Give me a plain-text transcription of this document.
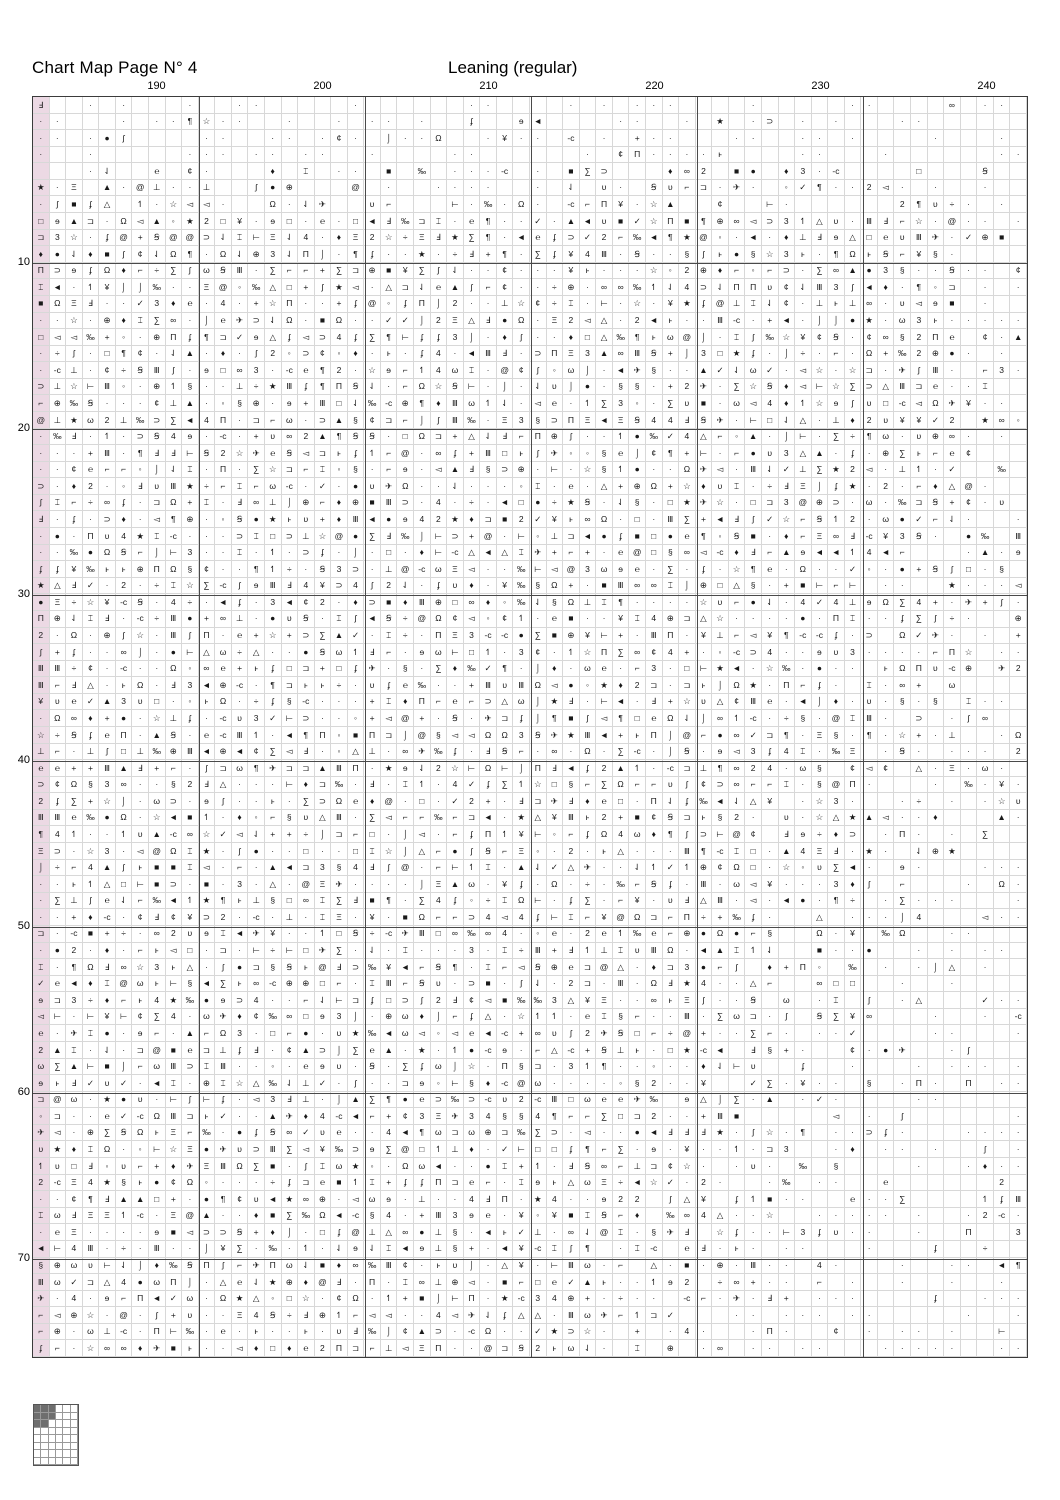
Chart Map Page N° 4	Leaning (regular)
190	200	210	220	230	240
10
20
30
40
50
60
70
Ⅎ	·	·	·	·	·	·	·	·	·	·	·	·	·	·	·	·	∞	·	·
·	·	·	·	·	¶	☆	·	·	·	·	·	·	·	ʄ	ɘ	◄	·	·	·	★	·	⊃	·	·	·	·
·	·	·	●	ʃ	·	·	·	·	·	¢	·	⌡	·	·	Ω	·	¥	·	·	-c	·	+	·	·	·	·	·	·	·	·	·
·	·	·	·	·	·	·	·	·	·	·	·	·	¢	Π	·	·	·	·	ⱶ	·	·	·	·	·
·	⇃	℮	¢	·	♦	⌶	·	·	■	‰	·	·	·	-c	·	■	∑	⊃	♦	∞	2	■	●	♦	3	·	-c	□	Ꞩ
★	·	Ξ	▲	·	@	⊥	·	·	⊥	ʃ	●	⊕	@	·	·	·	·	·	·	⇃	υ	·	Ꞩ	υ	⌐	⊐	·	✈	·	◦	✓	¶	·	·	2	◅	·	·	·
·	ʃ	■	ʄ	△	↿	·	☆	◅	◅	·	Ω	·	⇃	✈	υ	⌐	⊢	·	‰	·	Ω	·	-c	⌐	Π	¥	·	☆	▲	¢	⊢	·	2	¶	υ	÷	·	·
□	ɘ	▲	⊐	·	Ω	◅	▲	◦	★	2	□	¥	·	ɘ	□	·	℮	·	□	◄	Ⅎ	‰	⊐	⌶	·	℮	¶	·	·	✓	·	▲ ◄	υ	■	✓	☆	Π	■	¶	⊕	∞	◅	⊃	3	↿	△	υ	·	Ⅲ	Ⅎ	⌐	☆	·	@	·	·	·
⊐	3	☆	·	ʄ	@	+	Ꞩ	@ @	⊃	⇃	⌶	⊢	Ξ	⇃	4	·	♦	Ξ	2	☆	÷	Ξ	Ⅎ	★	∑	¶	·	◄	℮	ʄ	⊃	✓	2	⌐	‰ ◄	¶	★ @	◦	·	◄	·	♦	⊥	Ⅎ	ɘ	△	□	℮	υ	Ⅲ	✈	·	✓	⊕	■
♦	●	⇃	♦	■	ʃ	¢	⇃	Ω	¶	·	Ω	⇃	⊕	3	⇃	Π	⌡	·	¶	ʄ	·	·	★	·	÷	Ⅎ	+	¶	·	∑	ʄ	¥	4	Ⅲ	·	Ꞩ	·	·	§	ʃ	ⱶ	●	§	☆	3	ⱶ	·	¶	Ω	ⱶ	Ꞩ	⌐	¥	§	·
Π	⊃	ɘ	ʄ	Ω	♦	⌐	÷	∑	ʃ	ω	Ꞩ	Ⅲ	·	∑	⌐	⌐	+	∑	⊐	⊕	■	¥	∑	ʃ	⇃	·	·	¢	·	·	·	¥	ⱶ	·	·	·	☆	◦	2	⊕	♦	⌐	◦	⌐	⊃	·	∑	∞	▲	●	3	§	·	·	Ꞩ	·	·	¢
⌶	◄	·	↿	¥	⌡	⌡	‰	·	·	Ξ	@	◦	‰	△	□	+	ʃ	★	◅	·	△	⊐	⇃	℮	▲	ʃ	⌐	¢	·	·	÷	⊕	·	∞	∞	‰	↿	⇃	4	⊃	⇃	Π	Π	υ	¢	⇃	Ⅲ	3	ʃ	◄	♦	·	¶	◦	⊐	·	·
■	Ω	Ξ	Ⅎ	·	·	✓	3	♦	℮	·	4	·	+	☆	Π	·	·	+	ʄ	@	◦	ʄ	Π	⌡	2	·	·	⊥	☆	¢	÷	⌶	·	⊢	·	☆	·	¥	★	ʄ	@	⊥	⌶	⇃	¢	·	⊥	ⱶ	⊥	∞	·	υ	◅	ɘ	■	·
·	·	☆	·	⊕	♦	⌶	∑	∞	·	⌡	℮	✈	⊃	⇃	Ω	·	■	Ω	·	·	✓	✓	⌡	2	Ξ	△	Ⅎ	●	Ω	·	Ξ	2	◅	△	·	2	◄	ⱶ	·	·	Ⅲ	-c	·	+	◄	·	⌡	⌡	●	★	·	ω	3	ⱶ	·	·	·	·	·
□	◅	◅	‰	+	◦	·	⊕	Π	ʄ	¶	⊐	✓	ɘ	△	ʄ	◅	⊃	4	ʄ	∑	¶	⊢	ʄ	ʄ	3	⌡	·	♦	ʃ	·	·	♦	□	△	‰	¶	ⱶ	ω	@	⌡	·	⌶	ʃ	‰	☆	¥	¢	Ꞩ	·	¢	∞	§	2	Π	℮	¢	·	▲
·	÷	ʃ	·	□	¶	¢	·	⇃	▲	·	♦	·	ʃ	2	◦	⊃	¢	◦	♦	·	ⱶ	·	ʄ	4	·	◄	Ⅲ	Ⅎ	·	⊃	Π	Ξ	3	▲	∞	Ⅲ	Ꞩ	+	⌡	3	□	★	ʄ	·	⌡	÷	·	⌐	·	Ω	+	‰	2	⊕	●	·	·
·	-c	⊥	·	¢	÷	Ꞩ	Ⅲ	ʃ	·	ɘ	□	∞	3	·	-c	℮	¶	2	·	☆	ɘ	⌐	↿	4	ω	⌶	·	@	¢	ʃ	◦	ω	⌡	·	◄	✈	§	·	·	▲	✓	⇃	ω	✓	·	◅	☆	·	☆	⊐	·	✈	ʃ	Ⅲ	·	⌐	3	·
⊃	⊥	☆	⊢	Ⅲ	◦	·	⊕	↿	§	·	·	⊥	÷	★	Ⅲ	ʄ	¶	Π	Ꞩ	⇃	·	⌐	Ω	☆	Ꞩ	⊢	·	⌡	·	⇃	υ	⌡	●	·	§	§	·	+	2	✈	·	∑	☆	Ꞩ	♦	◅	⊢	☆	∑	⊃	△	Ⅲ	⊐	℮	·	·	⌶
⌐	⊕	‰	Ꞩ	·	·	·	¢	⊥	▲	·	◦	§	⊕	·	ɘ	+	Ⅲ	□	⇃	‰	-c	⊕	¶	♦	Ⅲ	ω	↿	⇃	·	◅	℮	·	↿	∑	3	◦	·	∑	υ	■	·	ω	◅	4	♦	↿	☆	ɘ	ʃ	υ	□	-c	◅	Ω	✈	¥	·	·
@	⊥	★	ω	2	⊥	‰	⊃	∑	◄	4	Π	·	⊐	⌐	ω	·	⊃	▲	§	¢	⊐	⌐	⌡	ʃ	Ⅲ	‰	·	Ξ	3	§	⊃	Π	Ξ	◄	Ξ	Ꞩ	4	4	Ⅎ	Ꞩ	✈	·	⊢	□	⇃	△	·	⊥	♦	2	υ	¥	¥	✓	2	★	∞	◦
·	‰	Ⅎ	·	↿	·	⊃	Ꞩ	4	ɘ	·	-c	·	+	υ	∞	2	▲	¶	Ꞩ	Ꞩ	·	□	Ω	⊐	+	△	⇃	Ⅎ	⌐	Π	⊕	ʃ	·	·	↿	●	‰	✓	4	△	⌐	◦	▲	·	⌡	⊢	·	∑	÷	¶	ω	·	υ	⊕	∞	·	·
·	·	·	+	Ⅲ	·	¶	Ⅎ	Ⅎ	⊢	Ꞩ	2	☆	✈	℮	Ꞩ	◅	⊐	ⱶ	ʄ	↿	⌐	@	·	∞	ʄ	+	Ⅲ	□	ⱶ	ʃ	✈	◦	◦	§	℮	⌡	¢	¶	+	⊢	·	⌐	●	υ	3	△	▲	·	ʄ	·	⊕	∑	ⱶ	⌐	℮	¢
·	·	¢	℮	⌐	⌐	◦	⌡	⇃	⌶	·	Π	·	∑	☆	⊐	⌐	⌶	◦	§	·	⌐	ɘ	·	◅	▲	Ⅎ	§	⊃	⊕	·	⊢	·	☆	§	↿	●	·	·	Ω	✈	◅	·	Ⅲ	⇃	✓	⊥	∑	★	2	◅	·	⊥	↿	·	✓	‰
⊃	·	♦	2	·	◦	Ⅎ	υ	Ⅲ	★	÷	⌐	⌶	⌐	ω	-c	·	✓	·	●	υ	✈	Ω	·	·	⇃	·	·	·	◦	⌶	·	℮	·	△	+	⊕	Ω	+	☆	♦	υ	⌶	·	÷	Ⅎ	Ξ	⌡	ʄ	★	·	2	·	⌐	♦	△	@	·
ʃ	⌶	⌐	÷	∞	ʄ	·	⊐	Ω	+	⌶	·	Ⅎ	∞	⊥	⌡	⊕	⌐	♦	⊕	■	Ⅲ	⊃	·	4	·	÷	·	◄	□	●	÷	★	Ꞩ	·	⇃	§	·	□	★	✈	☆	·	□	⊐	3	@	⊕	⊃	·	ω	·	‰	⊐	Ꞩ	+	¢	·	υ
Ⅎ	·	ʄ	·	⊃	♦	·	◅	¶	⊕	·	◦	Ꞩ	●	★	ⱶ	υ	+	♦	Ⅲ	◄	●	ɘ	4	2	★	♦	⊐	■	2	✓	¥	ⱶ	∞	Ω	·	□	·	Ⅲ	∑	+	◄	Ⅎ	ʃ	✓	☆	⌐	Ꞩ	↿	2	·	ω	●	✓	⌐	⇃	·	·
·	●	·	Π	υ	4	★	⌶	-c	·	·	·	⊃	⌶	□	⊃	⊥	☆ @	●	∑	Ⅎ	‰	⌡	⊢	⊃	+	@	·	⊢	◦	⊥	⊐	◄	●	ʄ	■	□	●	℮	¶	◦	Ꞩ	■	·	♦	⌐	Ξ	∞	Ⅎ	-c	¥	3	Ꞩ	·	●	‰	Ⅲ
·	·	‰	●	Ω	Ꞩ	⌐	⌡	⊢	3	·	·	⌶	·	↿	·	⊃	ʄ	·	⌡	·	□	·	♦	⊢	-c	△	◄	△	⌶	✈	+	⌐	+	·	℮	@	□	§	∞	◅	-c	♦	Ⅎ	⌐	▲	ɘ	◄ ◄	↿	4	◄	⌐	·	▲	·	ɘ
ʄ	ʄ	¥	‰	ⱶ	ⱶ	⊕	Π	Ω	§	¢	·	·	¶	↿	÷	·	Ꞩ	3	⊃	·	⊥	@	-c	ω	Ξ	◅	·	·	‰	⊢	◅	@	3	ω	ɘ	℮	·	∑	·	ʄ	·	☆	¶	℮	·	Ω	·	·	✓	◦	·	●	+	Ꞩ	ʃ	□	·	§
★	△	Ⅎ	✓	·	2	·	÷	⌶	☆	∑	-c	ʃ	ɘ	Ⅲ	Ⅎ	4	¥	⊃	4	ʃ	2	⇃	·	ʄ	υ	♦	·	¥	‰	§	Ω	+	·	■	Ⅲ	∞	∞	⌶	⌡	⊕	□	△	§	·	+	■	⊢	⌐	⊢	·	·	★	·	·	·	◅
●	Ξ	÷	☆	¥	-c	Ꞩ	·	4	÷	·	◄	ʄ	·	3	◄	¢	2	·	♦	⊃	■	♦	Ⅲ	⊕	□	∞	♦	◦	‰	⇃	§	Ω	⊥	⌶	¶	·	·	·	·	☆	υ	⌐	●	⇃	·	4	✓	4	⊥	ɘ	Ω	∑	4	+	·	✈	+	ʃ	·
Π	⊕	⇃	⌶	Ⅎ	·	-c	÷	Ⅲ	●	+	∞	⊥	·	●	υ	Ꞩ	·	⌶	ʃ	◄	Ꞩ	÷	@	Ω	¢	◅	◦	¢	↿	·	℮	■	·	·	¥	⌶	4	⊕	⊐	△	☆	·	·	·	·	●	·	Π	⌶	·	·	ʄ	∑	ʃ	÷	·	⊕
2	·	Ω	·	⊕	ʃ	☆	·	Ⅲ	ʃ	Π	·	℮	+	☆	+	⊃	∑	▲	✓	·	⌶	÷	·	Π	Ξ	3	-c	-c	●	∑	■	⊕	¥	⊢	+	·	Ⅲ	Π	·	¥	⊥	⌐	◅	¥	¶	-c	-c	ʄ	·	⊃	Ω	✓	✈	·	·	+
ʃ	+	ʄ	·	·	∞	⌡	·	●	⊢	△	ω	÷	△	·	·	●	Ꞩ	ω	↿	Ⅎ	⌐	·	ɘ	ω	⊢	□	↿	·	3	¢	·	↿	☆	Π	∑	∞	¢	4	+	·	◦	-c	⊃	4	·	·	ɘ	υ	3	·	·	·	·	⌐	Π	☆	·	·
Ⅲ	Ⅲ	÷	¢	·	-c	·	·	Ω	◦	∞	℮	+	ⱶ	ʄ	□	⊐	+	□	ʄ	✈	·	§	·	∑	♦	‰	✓	¶	·	⌡	♦	·	ω	℮	·	⌐	3	·	□	⊢	★	◄	·	☆	‰	·	●	·	·	ⱶ	Ω	Π	υ	-c	⊕	✈	2
Ⅲ	⌐	Ⅎ	△	·	ⱶ	Ω	·	Ⅎ	3	◄	⊕	-c	·	¶	⊐	ⱶ	ⱶ	÷	·	υ	ʄ	℮	‰	·	·	+	Ⅲ	υ	Ⅲ	Ω	◅	●	◦	★	♦	2	⊐	·	⊐	ⱶ	⌡	Ω	★	·	Π	⌐	ʄ	·	⌶	·	∞	+	ω
¥	υ	℮	✓	▲	3	υ	□	·	◦	ⱶ	Ω	·	÷	ʄ	§	-c	·	·	·	+	⌶	♦	Π	⌐	℮	⌐	⊃	△	ω	⌡	★	Ⅎ	·	⊢	◄	·	Ⅎ	+	☆	υ	△	¢	Ⅲ	℮	·	◄	⌡	♦	·	υ	·	§	·	§	⌶	·	·
·	Ω	∞	♦	+	●	·	☆	⊥	ʄ	·	-c	υ	3	✓	⊢	⊃	·	·	◦	+	◅	@	+	·	Ꞩ	·	✈	⊐	ʄ	⌡	¶	■	ʃ	◅	¶	□	℮	Ω	⇃	⌡	∞	↿	-c	·	÷	§	·	@	⌶	Ⅲ	·	⊃	·	ʃ	∞
☆	÷	Ꞩ	ʄ	℮	Π	·	▲	Ꞩ	·	℮	-c	Ⅲ	↿	·	◄	¶	Π	◦	■	Π	⊐	⌡	@	§	◅	◅	Ω	Ω	3	Ꞩ	✈	★	Ⅲ	◄	+	ⱶ	Π	⌡	@	⌐	●	∞	✓	⊐	¶	·	Ξ	§	·	¶	·	☆	+	·	⊥	·	Ω
⊥	⌐	·	⊥	ʃ	□	⊥	‰	⊕	Ⅲ	◄	⊕	◄	¢	∑	◅	Ⅎ	·	◦	△	⊥	·	∞	✈	‰	ʄ	·	Ⅎ	Ꞩ	⌐	·	∞	·	Ω	·	∑	-c	·	⌡	Ꞩ	·	ɘ	◅	3	ʄ	4	⌶	·	‰	Ξ	·	Ꞩ	·	·	·	·	2
℮	℮	+	+	Ⅲ	▲	Ⅎ	+	⌐	·	ʃ	⊐	ω	¶	✈	⊐	⊐	▲	Ⅲ	Π	·	★	ɘ	⇃	2	☆	⊢	Ω	⊢	⌡	Π	Ⅎ	◄	ʄ	2	▲	↿	·	-c	⊐	⊥	¶	∞	2	4	·	ω	§	¢	◅	¢	△	·	Ξ	·	ω	·
⊃	¢	Ω	§	3	∞	·	·	§	2	Ⅎ	△	·	·	·	⊢	♦	⊐	‰	·	Ⅎ	·	⌶	↿	·	4	✓	ʄ	∑	↿	☆	□	§	⌐	∑	Ω	⌐	⌐	υ	ʃ	¢	⊃	∞	⌐	⌐	⌶	·	§	@	Π	·	·	‰	·	¥	·
2	ʄ	∑	+	☆	⌡	·	ω	⊃	·	ɘ	ʃ	·	·	ⱶ	·	∑	⊃	Ω	℮	♦	@	·	□	·	✓	2	+	·	Ⅎ	⊐	✈	Ⅎ	♦	℮	□	·	Π	⇃	ʄ	‰ ◄	⇃	△	¥	·	☆	3	·	·	÷	·	·	☆	υ
Ⅲ	Ⅲ	℮	‰	●	Ω	·	☆	◄	■	↿	·	♦	◦	⌐	§	υ	△	Ⅲ	·	∑	◅	⌐	⌐	‰	⌐	⊐	◄	·	★	△	¥	Ⅲ	ⱶ	2	+	■	¢	Ꞩ	⊐	ⱶ	§	2	·	υ	·	☆	△	★	▲	◅	·	·	♦	▲	·
¶	4	↿	·	·	↿	υ	▲	-c	∞	☆	✓	◅	⇃	+	+	÷	⌡	⊐	⌐	□	·	⌡	◅	·	⌐	ʄ	Π	↿	¥	⊢	◦	⌐	ʄ	Ω	4	ω	♦	¶	ʃ	⊃	⊢	@	¢	Ⅎ	ɘ	÷	♦	⊃	·	Π	·	·	∑
Ξ	⊃	·	☆	3	·	◅	@	Ω	⌶	★	·	ʃ	●	·	·	□	·	·	□	⌶	☆	⌡	△	⌐	●	ʃ	Ꞩ	⌐	Ξ	◦	·	2	·	ⱶ	△	·	·	·	Ⅲ	¶	-c	⌶	□	·	▲	4	Ξ	Ⅎ	·	★	·	⇃	⊕	★
⌡	÷	⌐	4	▲	ʃ	ⱶ	■	■	⌶	◅	·	⌐	·	▲ ◄	⊐	3	§	4	Ⅎ	ʃ	@	·	⌐	⊢	↿	⌶	·	▲	⇃	✓	△	✈	·	·	⇃	↿	✓	↿	⊕	¢	Ω	□	·	☆	◦	υ	∑	◄	·	ɘ	·	·	·	·
·	·	ⱶ	↿	△	□	⊢	■	⊃	·	■	·	3	·	△	·	@	Ξ	✈	·	·	·	·	⌡	Ξ	▲	ω	·	¥	ʄ	·	Ω	·	÷	·	‰	⌐	Ꞩ	ʄ	·	Ⅲ	·	ω	◅	¥	·	·	·	3	♦	ʃ	⌐	·	Ω	·
·	∑	⊥	ʃ	℮	⇃	⌐	‰ ◄	↿	★	¶	ⱶ	⊥	§	□	∞	⌶	∑	Ⅎ	■	¶	·	∑	4	ʄ	◦	÷	⌶	Ω	⊢	·	ʄ	∑	·	⌐	¥	·	υ	Ⅎ	△	Ⅲ	·	◅	·	◄	●	·	¶	÷	·	∑	·	·	·	·
·	·	+	♦	-c	·	¢	Ⅎ	¢	¥	⊃	2	·	-c	·	⊥	·	⌶	Ξ	·	¥	·	■	Ω	⌐	⌐	⊃	4	◅	4	ʄ	⊢	⌶	⌐	¥	@	Ω	⊐	⌐	Π	÷	+	‰	ʄ	·	△	·	·	·	⌡	4	◅	·	·
⊐	·	-c	■	+	÷	·	∞	2	υ	ɘ	⌶	◄	✈	¥	·	·	↿	□	Ꞩ	÷	-c	✈	Ⅲ	□	∞	‰	∞	4	·	◦	℮	·	2	℮	↿	‰	℮	⌐	⊕	●	Ω	●	⌐	§	Ω	·	¥	‰	Ω	·	·
·	●	2	·	♦	·	⌐	ⱶ	◅	□	·	⊐	·	⊢	÷	⊢	□	✈	∑	·	⇃	·	⌶	·	·	·	3	·	⌶	÷	Ⅲ	+	Ⅎ	↿	⊥	⌶	υ	Ⅲ	Ω	·	◄ ▲	⌶	↿	⇃	■	·	·	●	·	·	·	·
⌶	·	¶	Ω	Ⅎ	∞	☆	3	ⱶ	△	·	ʃ	●	⊐	§	Ꞩ	ⱶ	@	Ⅎ	⊃	‰	¥	◄	⌐	Ꞩ	¶	·	⌶	⌐	◅	Ꞩ	⊕	℮	⊐	@	△	·	♦	⊐	3	●	⌐	ʃ	♦	+	Π	◦	‰	·	·	⌡	△	·
✓	℮	◄	♦	⌶	@	ω	ⱶ	⊢	§	◄	∑	ⱶ	∞	-c	⊕	⊕	□	⌐	·	⌶	Ⅲ	⌐	Ꞩ	υ	·	⊃	■	·	ʃ	⇃	·	2	⊐	·	Ⅲ	·	Ω	Ⅎ	★	4	·	·	△	⌐	∞	□	□	·	·
ɘ	⊐	3	÷	♦	⌐	ⱶ	4	★	‰	●	ɘ	⊃	4	·	·	⌐	⇃	⊢	⊐	ʄ	□	⊃	ʃ	2	Ⅎ	¢	◅	■	‰ ‰	3	△	¥	Ξ	·	·	∞	ⱶ	Ξ	ʃ	·	·	Ꞩ	ω	·	⌶	ʃ	·	△	✓	·	·
◅	⊢	·	⊢	¥	⊢	¢	∑	4	·	ω	✈	♦	¢	‰	∞	□	ɘ	3	⌡	·	⊕	ω	♦	⌡	⌐	ʄ	△	·	☆	↿	↿	·	℮	⌶	§	⌐	·	·	Ⅲ	·	∑	ω	⊐	·	ʃ	Ꞩ	∑	¥	∞	·	·	-c
℮	·	✈	⌶	●	·	ɘ	⌐	·	▲	⌐	Ω	3	·	□	⌐	●	·	υ	★	‰ ◄	ω	◅	◦	◅	℮	◄	-c	+	∞	υ	ʃ	2	✈	Ꞩ	□	⌐	÷	@	+	·	·	∑	⌐	·	·	·	✓	·	·	·
2	▲	⌶	·	⇃	·	⊐	@	■	℮	⊐	⊥	ʄ	Ⅎ	·	¢	▲	⊃	⌡	∑	℮	▲	·	★	·	↿	●	-c	ɘ	·	⌐	△	-c	+	Ꞩ	⊥	ⱶ	·	□	★	-c	◄	Ⅎ	§	+	·	¢	·	●	✈	·	ʃ
ω	∑	▲	⊢	■	⌡	⌐	ω	Ⅲ	⊃	⌶	Ⅲ	·	·	◦	·	℮	ɘ	υ	·	Ꞩ	·	∑	ʄ	ω	⌡	☆	·	Π	§	⊐	·	3	↿	¶	·	·	◦	·	·	♦	⇃	⊢	υ	ʄ	·	·	·	·	·	·
ɘ	ⱶ	Ⅎ	✓	υ	✓	·	◄	⌶	·	⊕	⌶	☆	△	‰	⇃	⊥	✓	·	ʃ	·	·	⊐	ɘ	◦	⊢	§	♦	-c	@	ω	·	·	·	·	◦	§	2	·	·	¥	✓	∑	·	¥	·	·	§	·	Π	·	Π	·	·
⊐	@	ω	·	★	●	υ	·	⊢	ʃ	⊢	ʄ	·	◅	3	Ⅎ	⊥	·	⌡	▲	∑	¶	●	℮	⊃	‰	⊃	-c	υ	2	-c	Ⅲ	□	ω	℮	℮	✈	‰	ɘ	△	⌡	∑	·	▲	·	✓	·	·	·
◦	⊐	·	·	℮	✓	-c	Ω	Ⅲ	⊐	ⱶ	✓	·	·	▲	✈	♦	4	-c	◄	⌐	+	¢	3	Ξ	✈	3	4	§	§	4	¶	⌐	⌐	∑	□	⊐	2	·	·	+	Ⅲ	■	◅	·	ʃ	·
✈	◅	·	⊕	∑	Ꞩ	Ω	ⱶ	Ξ	⌐	‰	·	●	ʄ	Ꞩ	∞	✓	υ	℮	·	·	4	◄	¶	ω	⊐	ω	⊕	⊐	‰	∑	⊃	·	◅	·	·	●	◄	Ⅎ	Ⅎ	Ⅎ	★	·	ʃ	☆	·	¶	·	·	⊃	ʄ	·	·	·	·	·
υ	★	♦	⌶	Ω	·	◦	⊢	☆	Ξ	●	✈	υ	⊃	Ⅲ	∑	◅	¥	‰	⊃	ɘ	∑	@	□	↿	⊥	♦	·	✓	⊢	□	□	ʄ	¶	⌐	∑	·	ɘ	·	¥	·	·	↿	·	⊐	3	·	♦	·	·	·	ʃ	·
↿	υ	□	Ⅎ	◦	υ	⌐	+	♦	✈	Ξ	Ⅲ	Ω	∑	■	·	ʃ	⌶	ω	★	◦	·	Ω	ω	◄	·	·	●	⌶	+	↿	·	Ⅎ	Ꞩ	∞	⌐	⊥	⊐	¢	☆	·	·	υ	·	‰	§	·	·	♦	·	·
2	-c	Ξ	4	★	§	ⱶ	●	¢	Ω	◦	·	·	·	÷	ʄ	⊐	℮	■	↿	⌶	+	ʄ	ʄ	Π	⊐	℮	⌐	·	⌶	ɘ	ⱶ	△	ω	Ξ	÷	◄	☆	✓	·	2	·	·	‰	·	·	℮	2
·	·	¢	¶	Ⅎ	▲ ▲	□	+	·	●	¶	¢	υ	◄	★	∞	⊕	·	◅	ω	ɘ	·	⊥	·	·	4	Ⅎ	Π	·	★	4	·	·	ɘ	2	2	ʃ	△	¥	ʄ	↿	■	·	·	℮	·	·	∑	↿	ʄ	Ⅲ
⌶	ω	Ⅎ	Ξ	Ξ	↿	-c	·	Ξ	@ ▲	·	·	♦	■	∑	‰	Ω	◄	-c	§	4	·	+	Ⅲ	3	ɘ	℮	·	¥	◦	¥	■	⌶	Ꞩ	⌐	♦	‰	∞	4	△	·	·	☆	·	·	·	·	·	·	·	2	-c	·
·	℮	Ξ	·	·	·	·	ɘ	■	◅	⊃	⊃	Ꞩ	+	♦	⌡	·	□	ʄ	@	⊥	△	∞	●	⊥	§	·	◄	ⱶ	✓	⊥	·	∞	⇃	@	⌶	·	§	✈	Ⅎ	☆	ʄ	·	·	⊢	3	ʄ	υ	·	·	·	Π	3
◄	⊢	4	Ⅲ	·	÷	·	Ⅲ	·	·	⌡	¥	∑	·	‰	·	↿	·	⇃	ɘ	⇃	⌶	◄	ɘ	⊥	§	+	·	◄	¥	-c	⌶	ʃ	¶	·	⌶	-c	℮	Ⅎ	·	ⱶ	·	·	·	·	ʄ	÷
§	⊕	ω	υ	⊢	⇃	⌡	♦	‰	Ꞩ	Π	ʃ	⌐	✈	Π	ω	⇃	■	♦	∞	‰	Ⅲ	¢	·	ⱶ	υ	⌡	·	△	¥	·	⊢	Ⅲ	ω	·	⌐	△	·	■	·	⊕	·	Ⅲ	·	·	4	·	·	·	·	◄	¶
Ⅲ	ω	✓	⊐	△	4	●	ω	Π	⌡	·	△	℮	⇃	★	⊕	♦	@	Ⅎ	·	Π	·	⌶	∞	⊥	⊕	◅	·	■	⌐	□	℮	✓	▲	ⱶ	·	·	↿	ɘ	2	÷	∞	+	·	·	⌐	·	·	·	·
✈	·	4	·	ɘ	⌐	Π	◄	✓	ω	·	Ω	★	△	◦	□	☆	·	¢	Ω	·	↿	+	■	⌡	⊢	Π	·	★	-c	3	4	⊕	+	·	÷	·	·	-c	⌐	·	✈	·	Ⅎ	+	·	·	·	ʄ	·	·	·
⌐	◅	⊕	☆	·	@	·	ʃ	+	υ	·	·	Ξ	4	Ꞩ	÷	Ⅎ	⊕	↿	⌐	◅	◅	·	·	4	◅	✈	⇃	ʄ	△	△	·	Ⅲ	ω	✈	⌐	↿	⊐	✓	·	·	·	·	·	·	·	·	·
⌐	⊕	·	ω	⊥	-c	·	Π	⊢	‰	·	℮	·	ⱶ	·	·	ⱶ	·	υ	Ⅎ	‰	⌡	¢	▲	⊃	·	-c	Ω	·	·	✓	★	⊃	☆	·	+	·	4	·	·	Π	·	¢	·	·	·	·	⊢
ʄ	⌐	·	☆	∞	∞	♦	✈	■	ⱶ	·	·	◅	♦	□	♦	℮	2	Π	⊐	⌐	⊥	◅	Ξ	Π	·	·	@	⊐	Ꞩ	2	ⱶ	ω	⇃	·	⌶	⊕	·	∞	·	·	·	·	·	·	·	·	·	·	·
